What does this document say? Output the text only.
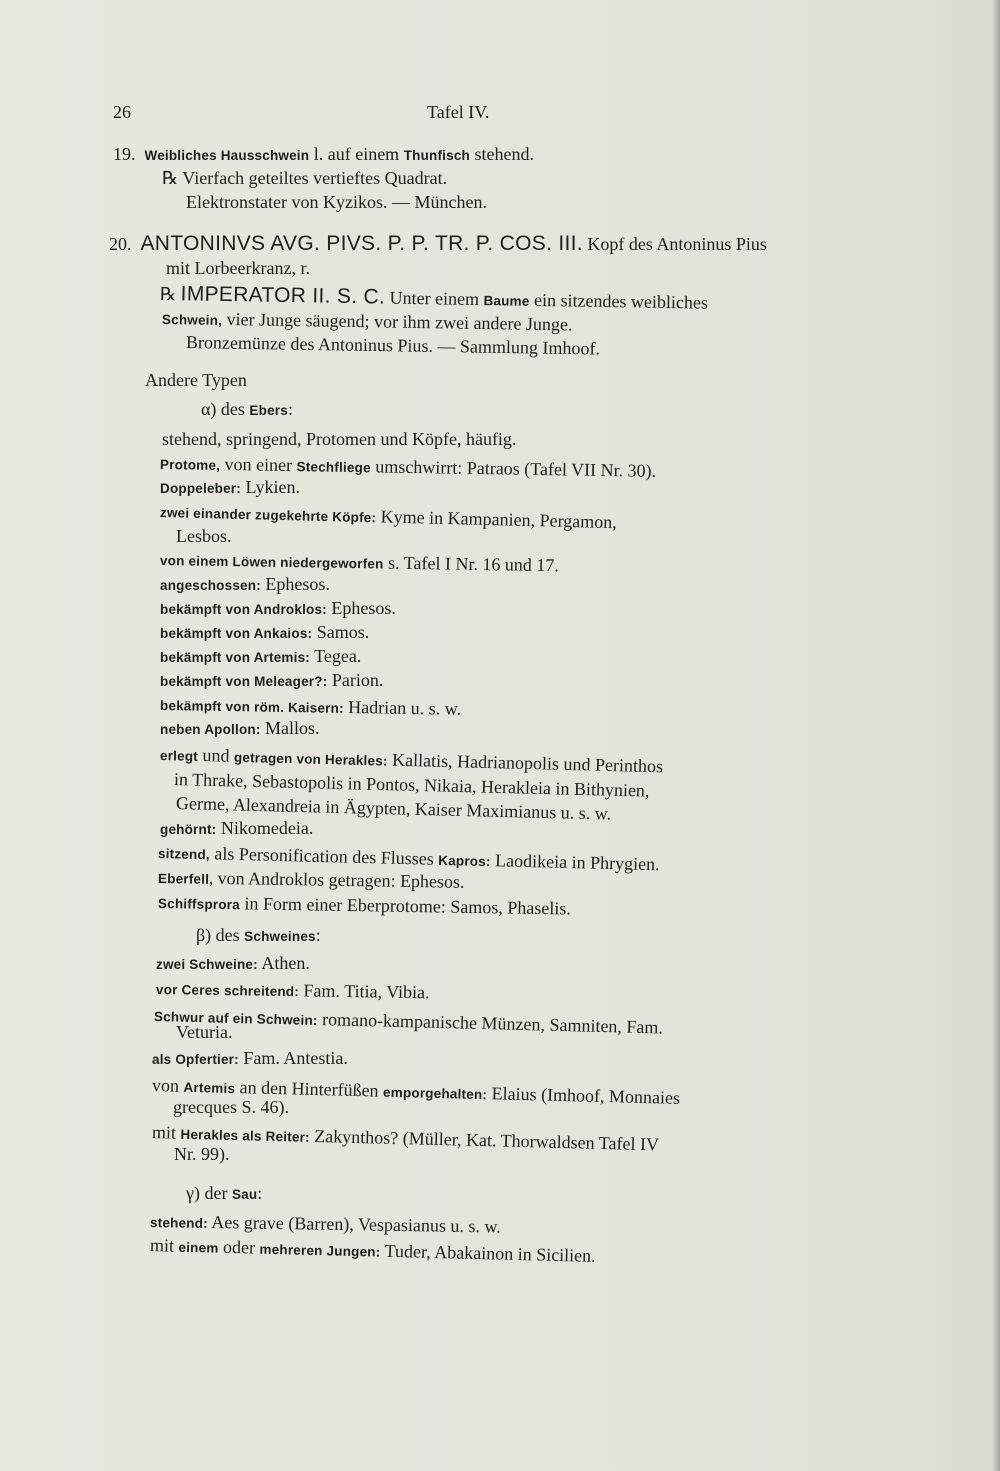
26	Tafel IV.
19. Weibliches Hausschwein l. auf einem Thunfisch stehend.
℞ Vierfach geteiltes vertieftes Quadrat.
Elektronstater von Kyzikos. — München.
20. ANTONINVS AVG. PIVS. P. P. TR. P. COS. III. Kopf des Antoninus Pius
mit Lorbeerkranz, r.
℞ IMPERATOR II. S. C. Unter einem Baume ein sitzendes weibliches
Schwein, vier Junge säugend; vor ihm zwei andere Junge.
Bronzemünze des Antoninus Pius. — Sammlung Imhoof.
Andere Typen
α) des Ebers:
stehend, springend, Protomen und Köpfe, häufig.
Protome, von einer Stechfliege umschwirrt: Patraos (Tafel VII Nr. 30).
Doppeleber: Lykien.
zwei einander zugekehrte Köpfe: Kyme in Kampanien, Pergamon,
Lesbos.
von einem Löwen niedergeworfen s. Tafel I Nr. 16 und 17.
angeschossen: Ephesos.
bekämpft von Androklos: Ephesos.
bekämpft von Ankaios: Samos.
bekämpft von Artemis: Tegea.
bekämpft von Meleager?: Parion.
bekämpft von röm. Kaisern: Hadrian u. s. w.
neben Apollon: Mallos.
erlegt und getragen von Herakles: Kallatis, Hadrianopolis und Perinthos
in Thrake, Sebastopolis in Pontos, Nikaia, Herakleia in Bithynien,
Germe, Alexandreia in Ägypten, Kaiser Maximianus u. s. w.
gehörnt: Nikomedeia.
sitzend, als Personification des Flusses Kapros: Laodikeia in Phrygien.
Eberfell, von Androklos getragen: Ephesos.
Schiffsprora in Form einer Eberprotome: Samos, Phaselis.
β) des Schweines:
zwei Schweine: Athen.
vor Ceres schreitend: Fam. Titia, Vibia.
Schwur auf ein Schwein: romano-kampanische Münzen, Samniten, Fam.
Veturia.
als Opfertier: Fam. Antestia.
von Artemis an den Hinterfüßen emporgehalten: Elaius (Imhoof, Monnaies
grecques S. 46).
mit Herakles als Reiter: Zakynthos? (Müller, Kat. Thorwaldsen Tafel IV
Nr. 99).
γ) der Sau:
stehend: Aes grave (Barren), Vespasianus u. s. w.
mit einem oder mehreren Jungen: Tuder, Abakainon in Sicilien.
